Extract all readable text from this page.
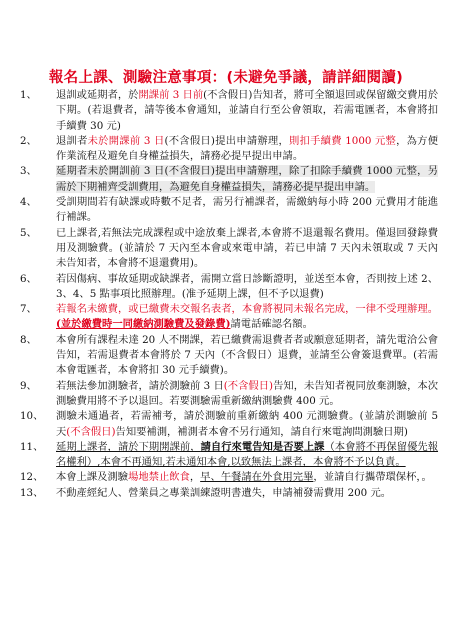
報名上課、測驗注意事項：(未避免爭議，請詳細閱讀)
1、	退訓或延期者，於開課前 3 日前(不含假日)告知者，將可全額退回或保留繳交費用於下期。(若退費者，請等後本會通知，並請自行至公會領取，若需電匯者，本會將扣手續費 30 元)
2、	退訓者未於開課前 3 日(不含假日)提出申請辦理，則扣手續費 1000 元整，為方便作業流程及避免自身權益損失，請務必提早提出申請。
3、	延期者未於開訓前 3 日(不含假日)提出申請辦理，除了扣除手續費 1000 元整，另需於下期補齊受訓費用，為避免自身權益損失，請務必提早提出申請。
4、	受訓期間若有缺課或時數不足者，需另行補課者，需繳納每小時 200 元費用才能進行補課。
5、	已上課者,若無法完成課程或中途放棄上課者,本會將不退還報名費用。僅退回發錄費用及測驗費。(並請於 7 天內至本會或來電申請，若已申請 7 天內未領取或 7 天內未告知者，本會將不退還費用)。
6、	若因傷病、事故延期或缺課者，需開立當日診斷證明，並送至本會，否則按上述 2、3、4、5 點事項比照辦理。(准予延期上課，但不予以退費)
7、	若報名未繳費，或已繳費未交報名表者，本會將視同未報名完成，一律不受理辦理。(並於繳費時一同繳納測驗費及發錄費)請電話確認名額。
8、	本會所有課程未達 20 人不開課，若已繳費需退費者者或願意延期者，請先電洽公會告知，若需退費者本會將於 7 天內（不含假日）退費，並請至公會簽退費單。(若需本會電匯者，本會將扣 30 元手續費)。
9、	若無法參加測驗者，請於測驗前 3 日(不含假日)告知，未告知者視同放棄測驗，本次測驗費用將不予以退回。若要測驗需重新繳納測驗費 400 元。
10、	測驗未通過者，若需補考，請於測驗前重新繳納 400 元測驗費。(並請於測驗前 5 天(不含假日)告知要補測，補測者本會不另行通知，請自行來電詢問測驗日期)
11、	延期上課者，請於下期開課前，請自行來電告知是否要上課（本會將不再保留優先報名權利）,本會不再通知,若未通知本會,以致無法上課者，本會將不予以負責。
12、	本會上課及測驗場地禁止飲食，早、午餐請在外食用完畢，並請自行攜帶環保杯，。
13、	不動產經紀人、營業員之專業訓練證明書遺失，申請補發需費用 200 元。
